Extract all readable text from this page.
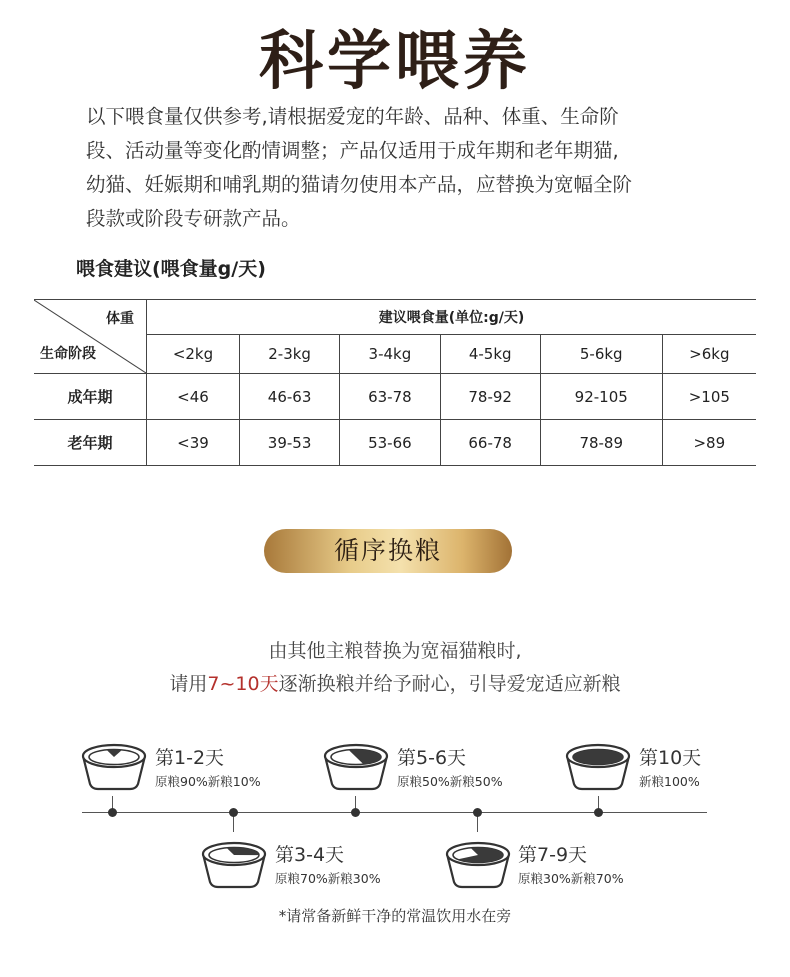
科学喂养
以下喂食量仅供参考,请根据爱宠的年龄、品种、体重、生命阶
段、活动量等变化酌情调整；产品仅适用于成年期和老年期猫,
幼猫、妊娠期和哺乳期的猫请勿使用本产品，应替换为宽幅全阶
段款或阶段专研款产品。
喂食建议(喂食量g/天)
体重
生命阶段	建议喂食量(单位:g/天)					
	<2kg	2-3kg	3-4kg	4-5kg	5-6kg	>6kg
成年期	<46	46-63	63-78	78-92	92-105	>105
老年期	<39	39-53	53-66	66-78	78-89	>89
循序换粮
由其他主粮替换为宽福猫粮时,
请用7~10天逐渐换粮并给予耐心，引导爱宠适应新粮
第1-2天
原粮90%新粮10%
第3-4天
原粮70%新粮30%
第5-6天
原粮50%新粮50%
第7-9天
原粮30%新粮70%
第10天
新粮100%
*请常备新鲜干净的常温饮用水在旁
